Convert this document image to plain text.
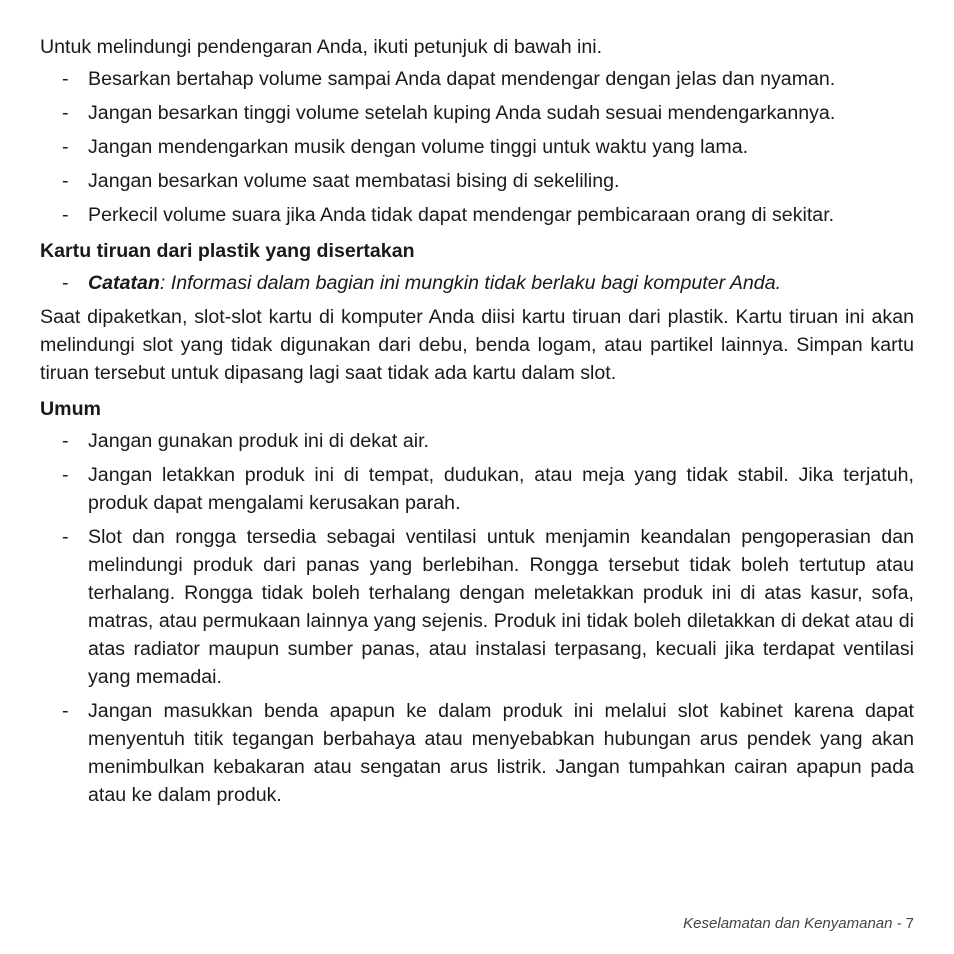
Untuk melindungi pendengaran Anda, ikuti petunjuk di bawah ini.

- Besarkan bertahap volume sampai Anda dapat mendengar dengan jelas dan nyaman.
- Jangan besarkan tinggi volume setelah kuping Anda sudah sesuai mendengarkannya.
- Jangan mendengarkan musik dengan volume tinggi untuk waktu yang lama.
- Jangan besarkan volume saat membatasi bising di sekeliling.
- Perkecil volume suara jika Anda tidak dapat mendengar pembicaraan orang di sekitar.
Kartu tiruan dari plastik yang disertakan
- Catatan: Informasi dalam bagian ini mungkin tidak berlaku bagi komputer Anda.

Saat dipaketkan, slot-slot kartu di komputer Anda diisi kartu tiruan dari plastik. Kartu tiruan ini akan melindungi slot yang tidak digunakan dari debu, benda logam, atau partikel lainnya. Simpan kartu tiruan tersebut untuk dipasang lagi saat tidak ada kartu dalam slot.

Umum
- Jangan gunakan produk ini di dekat air.
- Jangan letakkan produk ini di tempat, dudukan, atau meja yang tidak stabil. Jika terjatuh, produk dapat mengalami kerusakan parah.
- Slot dan rongga tersedia sebagai ventilasi untuk menjamin keandalan pengoperasian dan melindungi produk dari panas yang berlebihan. Rongga tersebut tidak boleh tertutup atau terhalang. Rongga tidak boleh terhalang dengan meletakkan produk ini di atas kasur, sofa, matras, atau permukaan lainnya yang sejenis. Produk ini tidak boleh diletakkan di dekat atau di atas radiator maupun sumber panas, atau instalasi terpasang, kecuali jika terdapat ventilasi yang memadai.
- Jangan masukkan benda apapun ke dalam produk ini melalui slot kabinet karena dapat menyentuh titik tegangan berbahaya atau menyebabkan hubungan arus pendek yang akan menimbulkan kebakaran atau sengatan arus listrik. Jangan tumpahkan cairan apapun pada atau ke dalam produk.
Keselamatan dan Kenyamanan - 7
